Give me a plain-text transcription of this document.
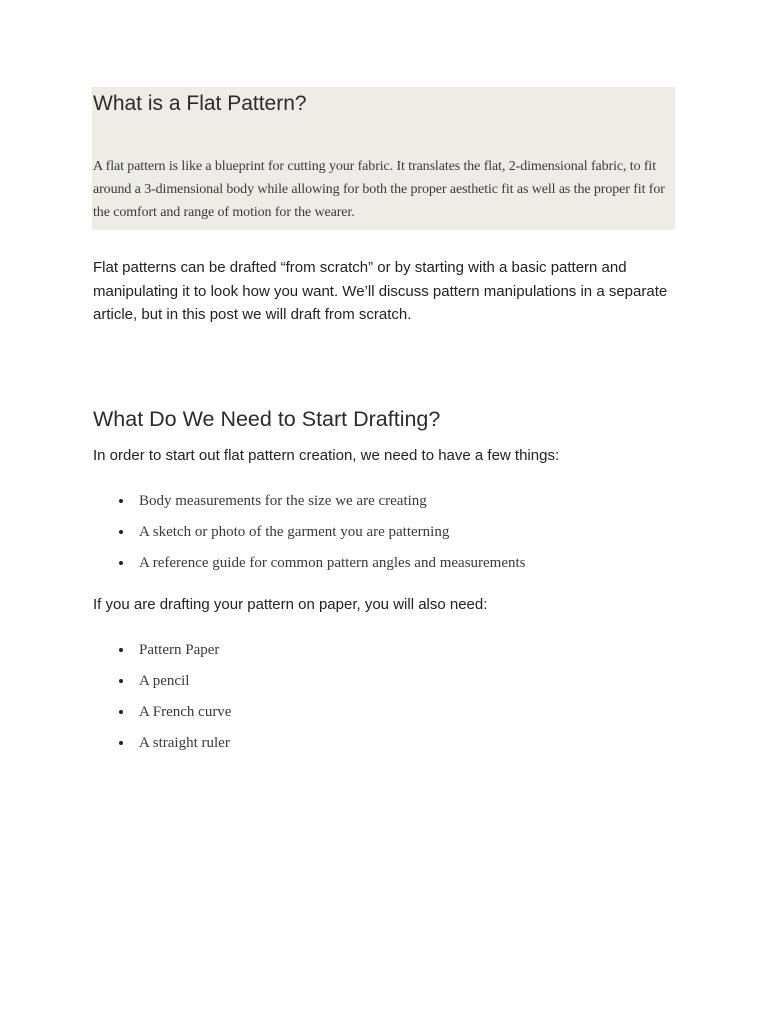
What is a Flat Pattern?

A flat pattern is like a blueprint for cutting your fabric. It translates the flat, 2-dimensional fabric, to fit around a 3-dimensional body while allowing for both the proper aesthetic fit as well as the proper fit for the comfort and range of motion for the wearer.

Flat patterns can be drafted “from scratch” or by starting with a basic pattern and manipulating it to look how you want. We’ll discuss pattern manipulations in a separate article, but in this post we will draft from scratch.

What Do We Need to Start Drafting?

In order to start out flat pattern creation, we need to have a few things:

Body measurements for the size we are creating
A sketch or photo of the garment you are patterning
A reference guide for common pattern angles and measurements

If you are drafting your pattern on paper, you will also need:

Pattern Paper
A pencil
A French curve
A straight ruler
